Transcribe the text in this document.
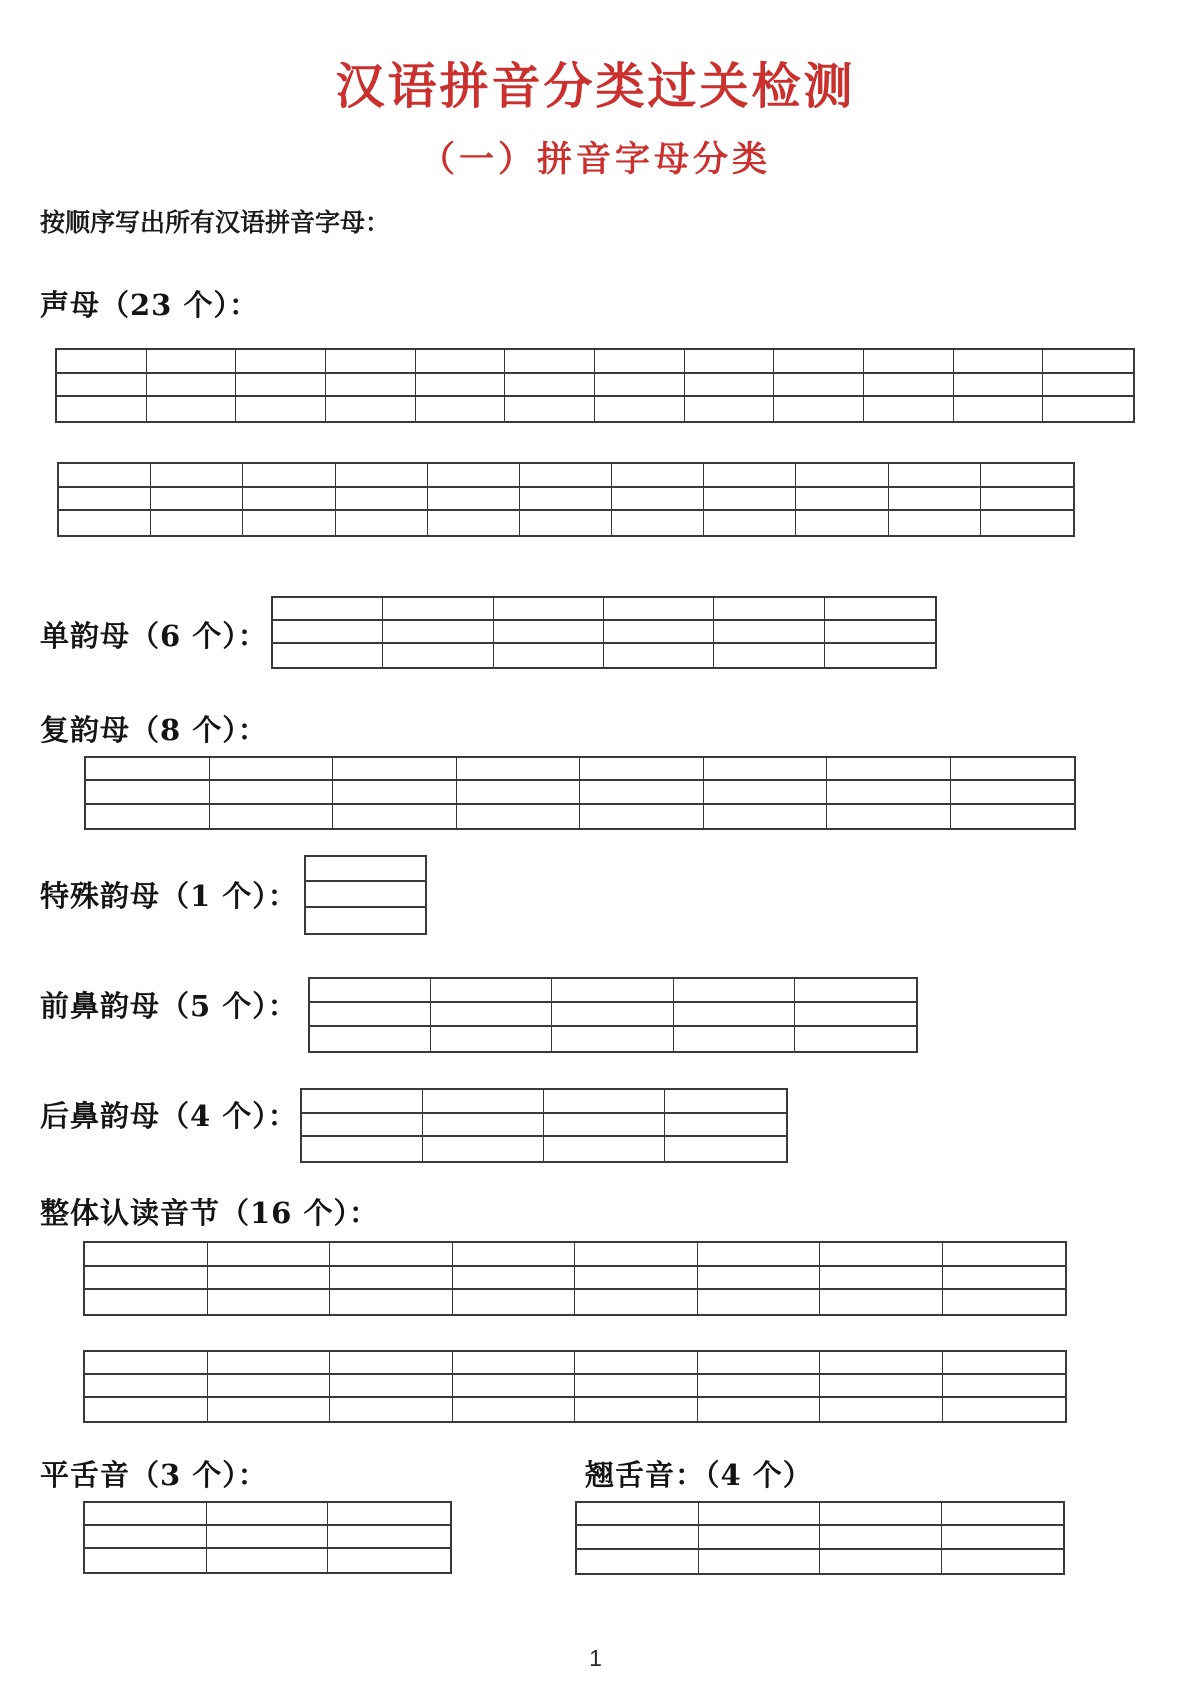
汉语拼音分类过关检测
（一）拼音字母分类
按顺序写出所有汉语拼音字母：
声母（23 个）：
单韵母（6 个）：
复韵母（8 个）：
特殊韵母（1 个）：
前鼻韵母（5 个）：
后鼻韵母（4 个）：
整体认读音节（16 个）：
平舌音（3 个）：	翘舌音：（4 个）
1
